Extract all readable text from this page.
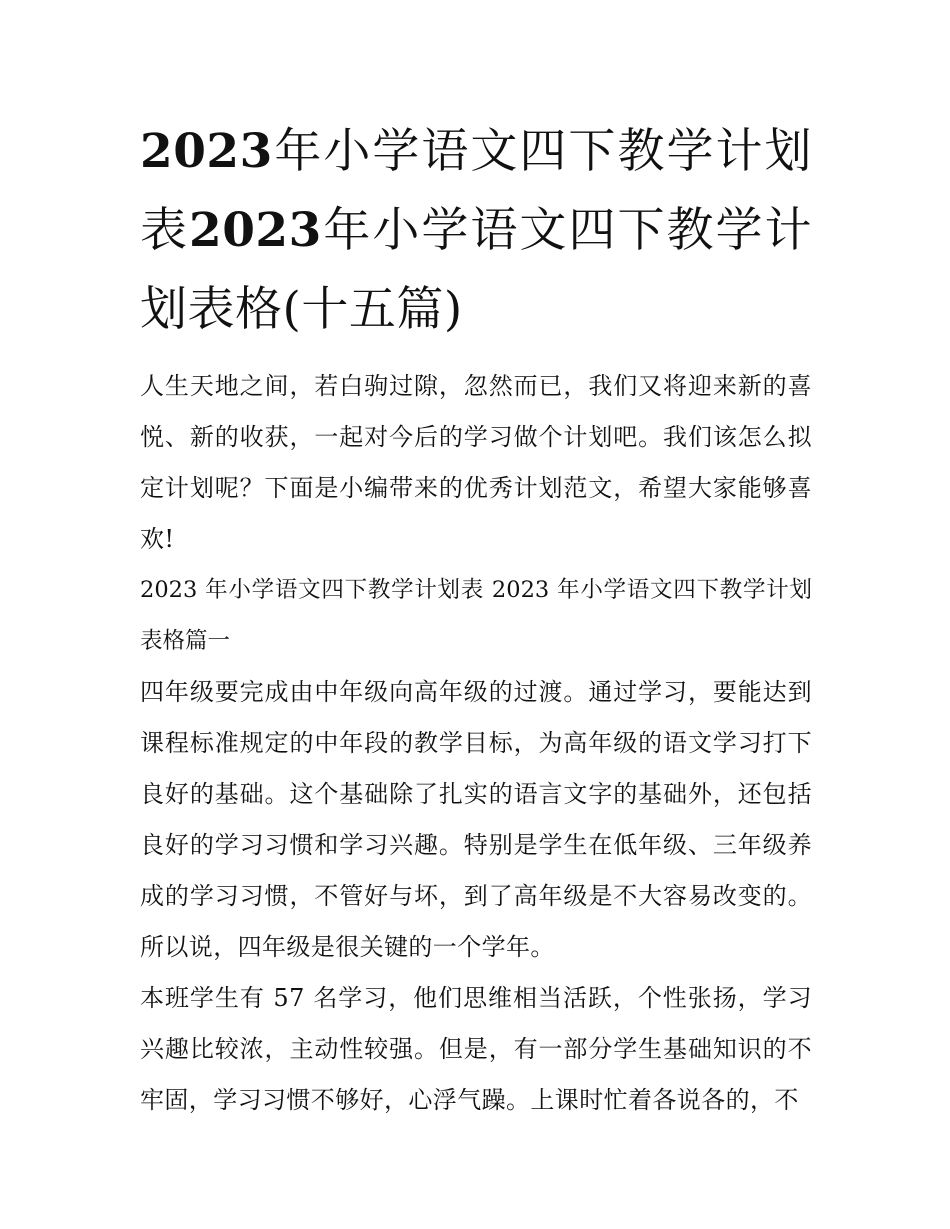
2023年小学语文四下教学计划表2023年小学语文四下教学计划表格(十五篇)

人生天地之间，若白驹过隙，忽然而已，我们又将迎来新的喜悦、新的收获，一起对今后的学习做个计划吧。我们该怎么拟定计划呢？下面是小编带来的优秀计划范文，希望大家能够喜欢!

2023 年小学语文四下教学计划表 2023 年小学语文四下教学计划表格篇一

四年级要完成由中年级向高年级的过渡。通过学习，要能达到课程标准规定的中年段的教学目标，为高年级的语文学习打下良好的基础。这个基础除了扎实的语言文字的基础外，还包括良好的学习习惯和学习兴趣。特别是学生在低年级、三年级养成的学习习惯，不管好与坏，到了高年级是不大容易改变的。所以说，四年级是很关键的一个学年。

本班学生有 57 名学习，他们思维相当活跃，个性张扬，学习兴趣比较浓，主动性较强。但是，有一部分学生基础知识的不牢固，学习习惯不够好，心浮气躁。上课时忙着各说各的，不
